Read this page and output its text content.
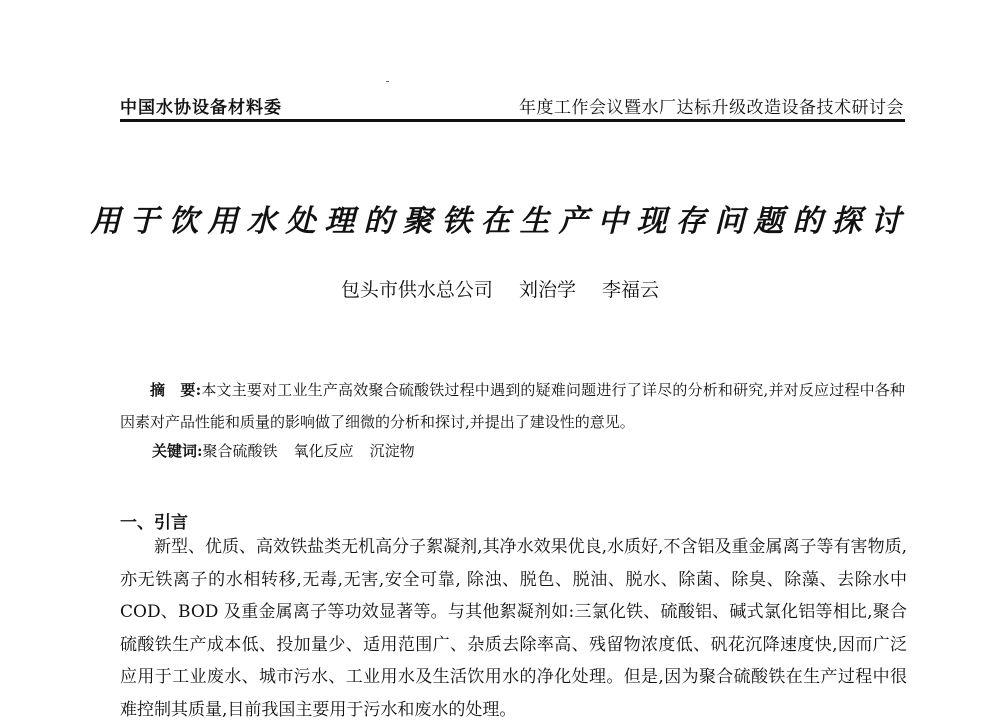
中国水协设备材料委	年度工作会议暨水厂达标升级改造设备技术研讨会
用于饮用水处理的聚铁在生产中现存问题的探讨
包头市供水总公司 刘治学 李福云
摘　要:本文主要对工业生产高效聚合硫酸铁过程中遇到的疑难问题进行了详尽的分析和研究,并对反应过程中各种因素对产品性能和质量的影响做了细微的分析和探讨,并提出了建设性的意见。
关键词:聚合硫酸铁 氧化反应 沉淀物
一、引言
新型、优质、高效铁盐类无机高分子絮凝剂,其净水效果优良,水质好,不含铝及重金属离子等有害物质,亦无铁离子的水相转移,无毒,无害,安全可靠, 除浊、脱色、脱油、脱水、除菌、除臭、除藻、去除水中 COD、BOD 及重金属离子等功效显著等。与其他絮凝剂如:三氯化铁、硫酸铝、碱式氯化铝等相比,聚合硫酸铁生产成本低、投加量少、适用范围广、杂质去除率高、残留物浓度低、矾花沉降速度快,因而广泛应用于工业废水、城市污水、工业用水及生活饮用水的净化处理。但是,因为聚合硫酸铁在生产过程中很难控制其质量,目前我国主要用于污水和废水的处理。
